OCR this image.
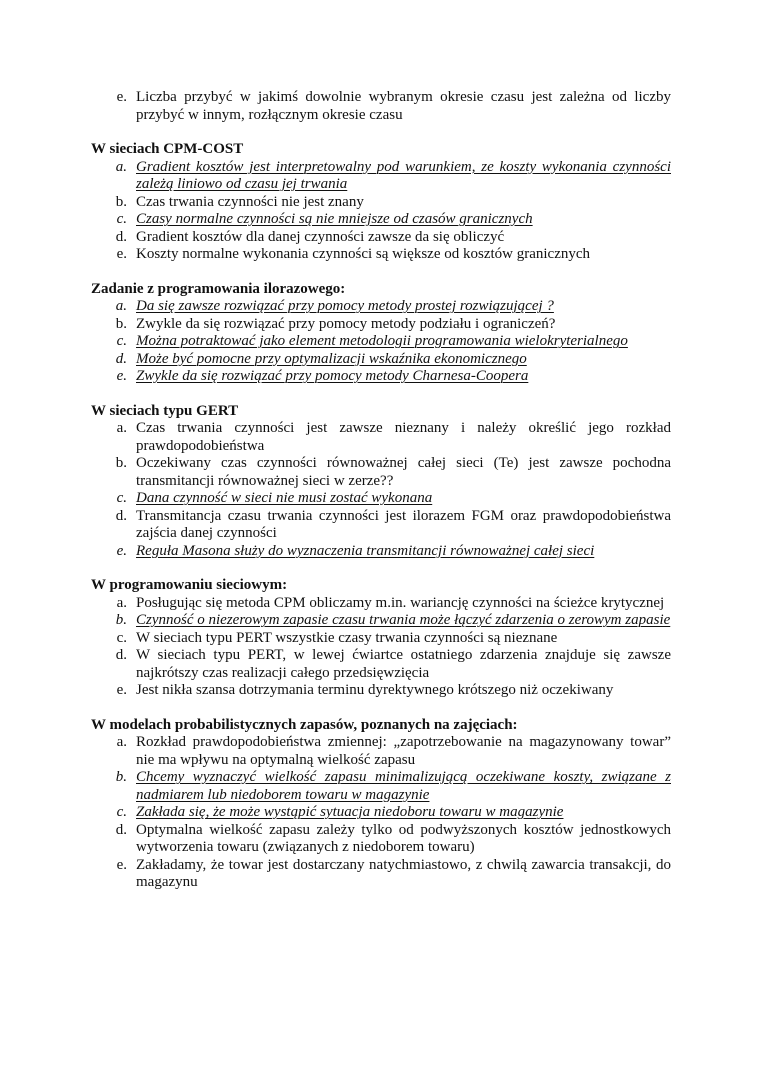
e. Liczba przybyć w jakimś dowolnie wybranym okresie czasu jest zależna od liczby przybyć w innym, rozłącznym okresie czasu

W sieciach CPM-COST

a. Gradient kosztów jest interpretowalny pod warunkiem, ze koszty wykonania czynności zależą liniowo od czasu jej trwania
b. Czas trwania czynności nie jest znany
c. Czasy normalne czynności są nie mniejsze od czasów granicznych
d. Gradient kosztów dla danej czynności zawsze da się obliczyć
e. Koszty normalne wykonania czynności są większe od kosztów granicznych

Zadanie z programowania ilorazowego:

a. Da się zawsze rozwiązać przy pomocy metody prostej rozwiązującej ?
b. Zwykle da się rozwiązać przy pomocy metody podziału i ograniczeń?
c. Można potraktować jako element metodologii programowania wielokryterialnego
d. Może być pomocne przy optymalizacji wskaźnika ekonomicznego
e. Zwykle da się rozwiązać przy pomocy metody Charnesa-Coopera

W sieciach typu GERT

a. Czas trwania czynności jest zawsze nieznany i należy określić jego rozkład prawdopodobieństwa
b. Oczekiwany czas czynności równoważnej całej sieci (Te) jest zawsze pochodna transmitancji równoważnej sieci w zerze??
c. Dana czynność w sieci nie musi zostać wykonana
d. Transmitancja czasu trwania czynności jest ilorazem FGM oraz prawdopodobieństwa zajścia danej czynności
e. Reguła Masona służy do wyznaczenia transmitancji równoważnej całej sieci

W programowaniu sieciowym:

a. Posługując się metoda CPM obliczamy m.in. wariancję czynności na ścieżce krytycznej
b. Czynność o niezerowym zapasie czasu trwania może łączyć zdarzenia o zerowym zapasie
c. W sieciach typu PERT wszystkie czasy trwania czynności są nieznane
d. W sieciach typu PERT, w lewej ćwiartce ostatniego zdarzenia znajduje się zawsze najkrótszy czas realizacji całego przedsięwzięcia
e. Jest nikła szansa dotrzymania terminu dyrektywnego krótszego niż oczekiwany

W modelach probabilistycznych zapasów, poznanych na zajęciach:

a. Rozkład prawdopodobieństwa zmiennej: „zapotrzebowanie na magazynowany towar” nie ma wpływu na optymalną wielkość zapasu
b. Chcemy wyznaczyć wielkość zapasu minimalizującą oczekiwane koszty, związane z nadmiarem lub niedoborem towaru w magazynie
c. Zakłada się, że może wystąpić sytuacja niedoboru towaru w magazynie
d. Optymalna wielkość zapasu zależy tylko od podwyższonych kosztów jednostkowych wytworzenia towaru (związanych z niedoborem towaru)
e. Zakładamy, że towar jest dostarczany natychmiastowo, z chwilą zawarcia transakcji, do magazynu
